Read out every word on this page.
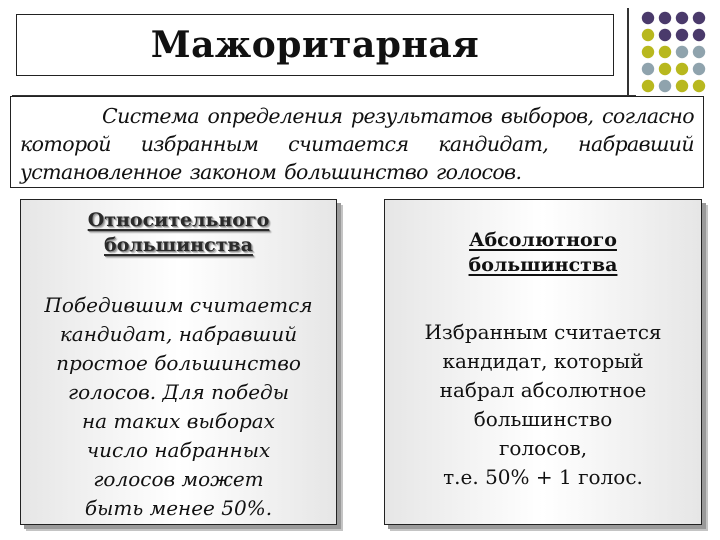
Мажоритарная
Система определения результатов выборов, согласно которой избранным считается кандидат, набравший установленное законом большинство голосов.
Относительного
большинства
Победившим считается
кандидат, набравший
простое большинство
голосов. Для победы
на таких выборах
число набранных
голосов может
быть менее 50%.
Абсолютного
большинства
Избранным считается
кандидат, который
набрал абсолютное
большинство
голосов,
т.е. 50% + 1 голос.
